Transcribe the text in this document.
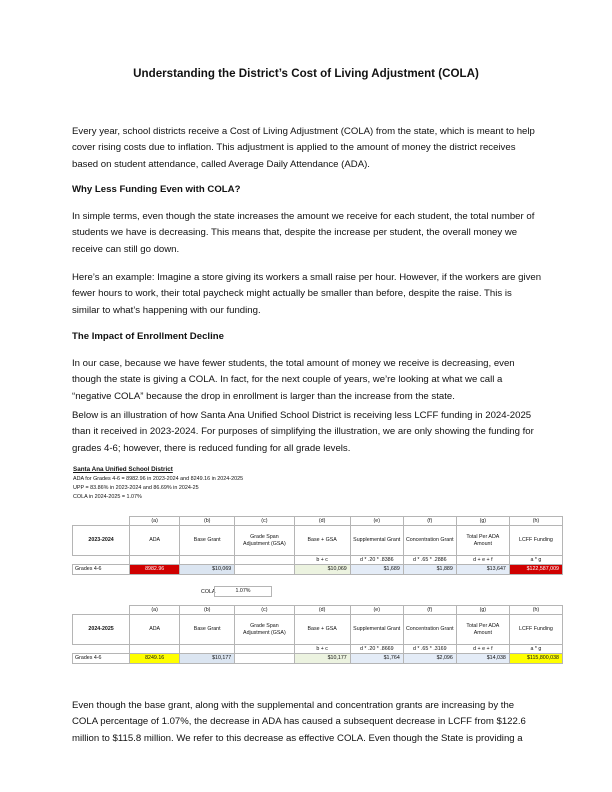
Understanding the District’s Cost of Living Adjustment (COLA)

Every year, school districts receive a Cost of Living Adjustment (COLA) from the state, which is meant to help cover rising costs due to inflation. This adjustment is applied to the amount of money the district receives based on student attendance, called Average Daily Attendance (ADA).

Why Less Funding Even with COLA?

In simple terms, even though the state increases the amount we receive for each student, the total number of students we have is decreasing. This means that, despite the increase per student, the overall money we receive can still go down.

Here’s an example: Imagine a store giving its workers a small raise per hour. However, if the workers are given fewer hours to work, their total paycheck might actually be smaller than before, despite the raise. This is similar to what’s happening with our funding.

The Impact of Enrollment Decline

In our case, because we have fewer students, the total amount of money we receive is decreasing, even though the state is giving a COLA. In fact, for the next couple of years, we’re looking at what we call a “negative COLA” because the drop in enrollment is larger than the increase from the state.

Below is an illustration of how Santa Ana Unified School District is receiving less LCFF funding in 2024-2025 than it received in 2023-2024. For purposes of simplifying the illustration, we are only showing the funding for grades 4-6; however, there is reduced funding for all grade levels.

Santa Ana Unified School District
ADA for Grades 4-6 = 8982.96 in 2023-2024 and 8249.16 in 2024-2025
UPP = 83.86% in 2023-2024 and 86.69% in 2024-25
COLA in 2024-2025 = 1.07%
	(a)	(b)	(c)	(d)	(e)	(f)	(g)	(h)
2023-2024	ADA	Base Grant	Grade Span Adjustment (GSA)	Base + GSA	Supplemental Grant	Concentration Grant	Total Per ADA Amount	LCFF Funding
				b + c	d * .20 * .8386	d * .65 * .2886	d + e + f	a * g
Grades 4-6	8982.96	$10,069		$10,069	$1,689	$1,889	$13,647	$122,587,009
COLA	1.07%
	(a)	(b)	(c)	(d)	(e)	(f)	(g)	(h)
2024-2025	ADA	Base Grant	Grade Span Adjustment (GSA)	Base + GSA	Supplemental Grant	Concentration Grant	Total Per ADA Amount	LCFF Funding
				b + c	d * .20 * .8669	d * .65 * .3169	d + e + f	a * g
Grades 4-6	8249.16	$10,177		$10,177	$1,764	$2,096	$14,038	$115,800,038

Even though the base grant, along with the supplemental and concentration grants are increasing by the COLA percentage of 1.07%, the decrease in ADA has caused a subsequent decrease in LCFF from $122.6 million to $115.8 million. We refer to this decrease as effective COLA. Even though the State is providing a
